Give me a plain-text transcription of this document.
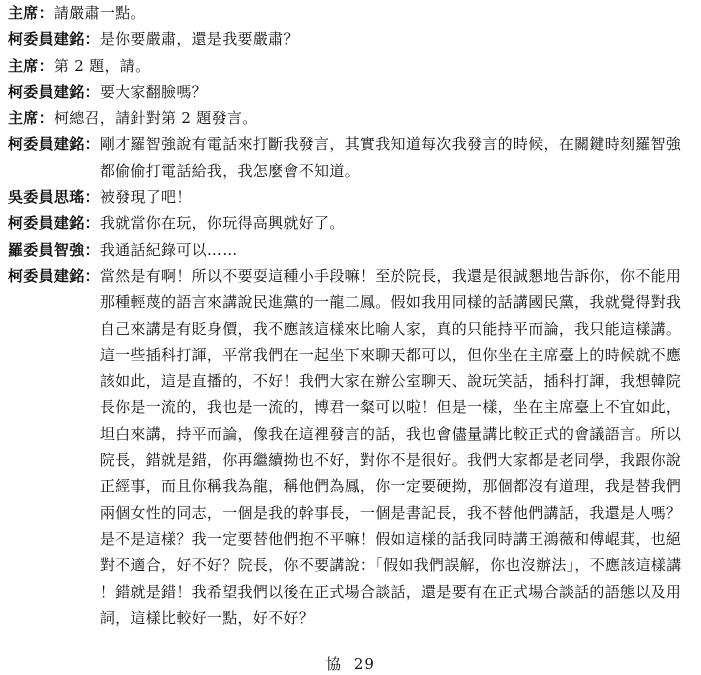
主席： 請嚴肅一點。
柯委員建銘： 是你要嚴肅，還是我要嚴肅？
主席： 第 2 題，請。
柯委員建銘： 要大家翻臉嗎？
主席： 柯總召，請針對第 2 題發言。
柯委員建銘： 剛才羅智強說有電話來打斷我發言，其實我知道每次我發言的時候，在關鍵時刻羅智強都偷偷打電話給我，我怎麼會不知道。
吳委員思瑤： 被發現了吧！
柯委員建銘： 我就當你在玩，你玩得高興就好了。
羅委員智強： 我通話紀錄可以……
柯委員建銘： 當然是有啊！所以不要耍這種小手段嘛！至於院長，我還是很誠懇地告訴你，你不能用那種輕蔑的語言來講說民進黨的一龍二鳳。假如我用同樣的話講國民黨，我就覺得對我自己來講是有貶身價，我不應該這樣來比喻人家，真的只能持平而論，我只能這樣講。這一些插科打諢，平常我們在一起坐下來聊天都可以，但你坐在主席臺上的時候就不應該如此，這是直播的，不好！我們大家在辦公室聊天、說玩笑話，插科打諢，我想韓院長你是一流的，我也是一流的，博君一粲可以啦！但是一樣，坐在主席臺上不宜如此，坦白來講，持平而論，像我在這裡發言的話，我也會儘量講比較正式的會議語言。所以院長，錯就是錯，你再繼續拗也不好，對你不是很好。我們大家都是老同學，我跟你說正經事，而且你稱我為龍，稱他們為鳳，你一定要硬拗，那個都沒有道理，我是替我們兩個女性的同志，一個是我的幹事長，一個是書記長，我不替他們講話，我還是人嗎？是不是這樣？我一定要替他們抱不平嘛！假如這樣的話我同時講王鴻薇和傅崐萁，也絕對不適合，好不好？院長，你不要講說：「假如我們誤解，你也沒辦法」，不應該這樣講！錯就是錯！我希望我們以後在正式場合談話，還是要有在正式場合談話的語態以及用詞，這樣比較好一點，好不好？
協 29
